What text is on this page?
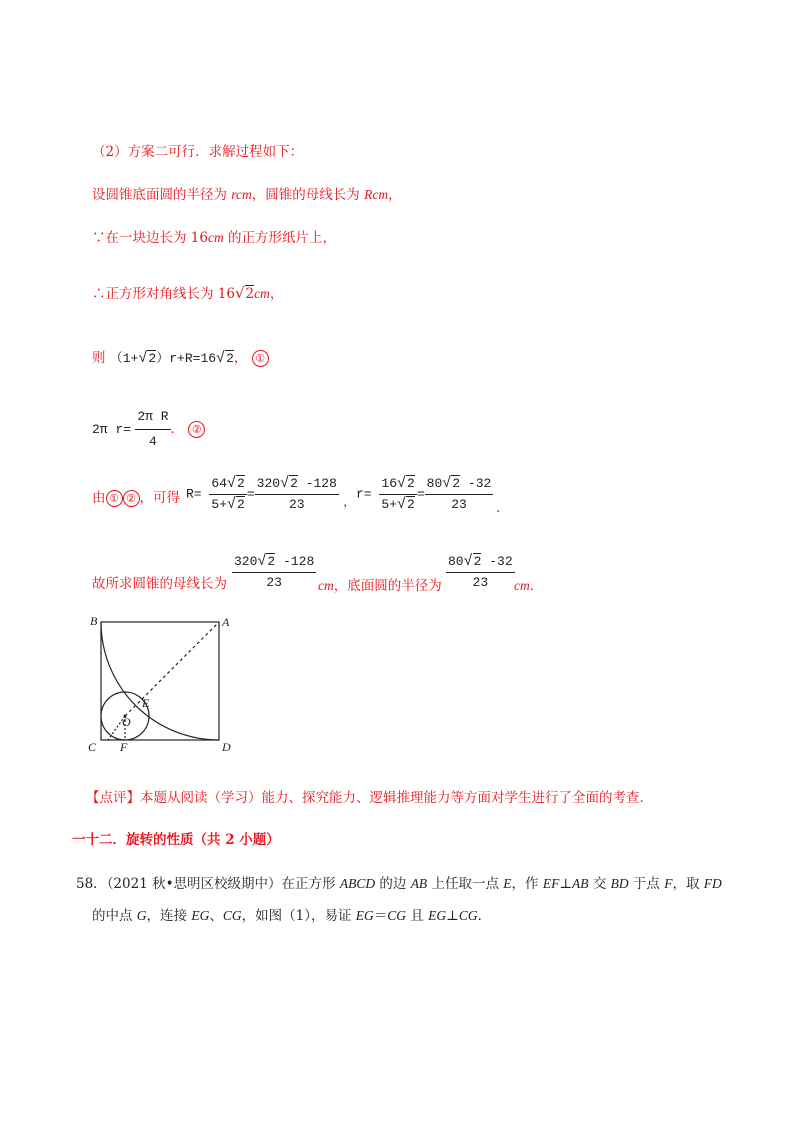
（2）方案二可行．求解过程如下：
设圆锥底面圆的半径为 rcm，圆锥的母线长为 Rcm，
∵在一块边长为 16cm 的正方形纸片上，
∴正方形对角线长为 16√2cm，
则 （1+√2）r+R=16√2， ①
2π $r= \frac{\text{2π R}}{4}$ ． ②
由 ① ② ，可得 $R= \frac{64√2}{5+√2} = \frac{320√2 -128}{23}$ ， $r= \frac{16√2}{5+√2} = \frac{80√2 -32}{23}$ ．
$\frac{320√2 -128}{23}$	$\frac{80√2 -32}{23}$
故所求圆锥的母线长为	cm，底面圆的半径为	cm．
B	A
C	D
E
F
O
【点评】本题从阅读（学习）能力、探究能力、逻辑推理能力等方面对学生进行了全面的考查．
一十二．旋转的性质（共 2 小题）
58．（2021 秋•思明区校级期中）在正方形 ABCD 的边 AB 上任取一点 E，作 EF⊥AB 交 BD 于点 F，取 FD
的中点 G，连接 EG、CG，如图（1），易证 EG＝CG 且 EG⊥CG．
